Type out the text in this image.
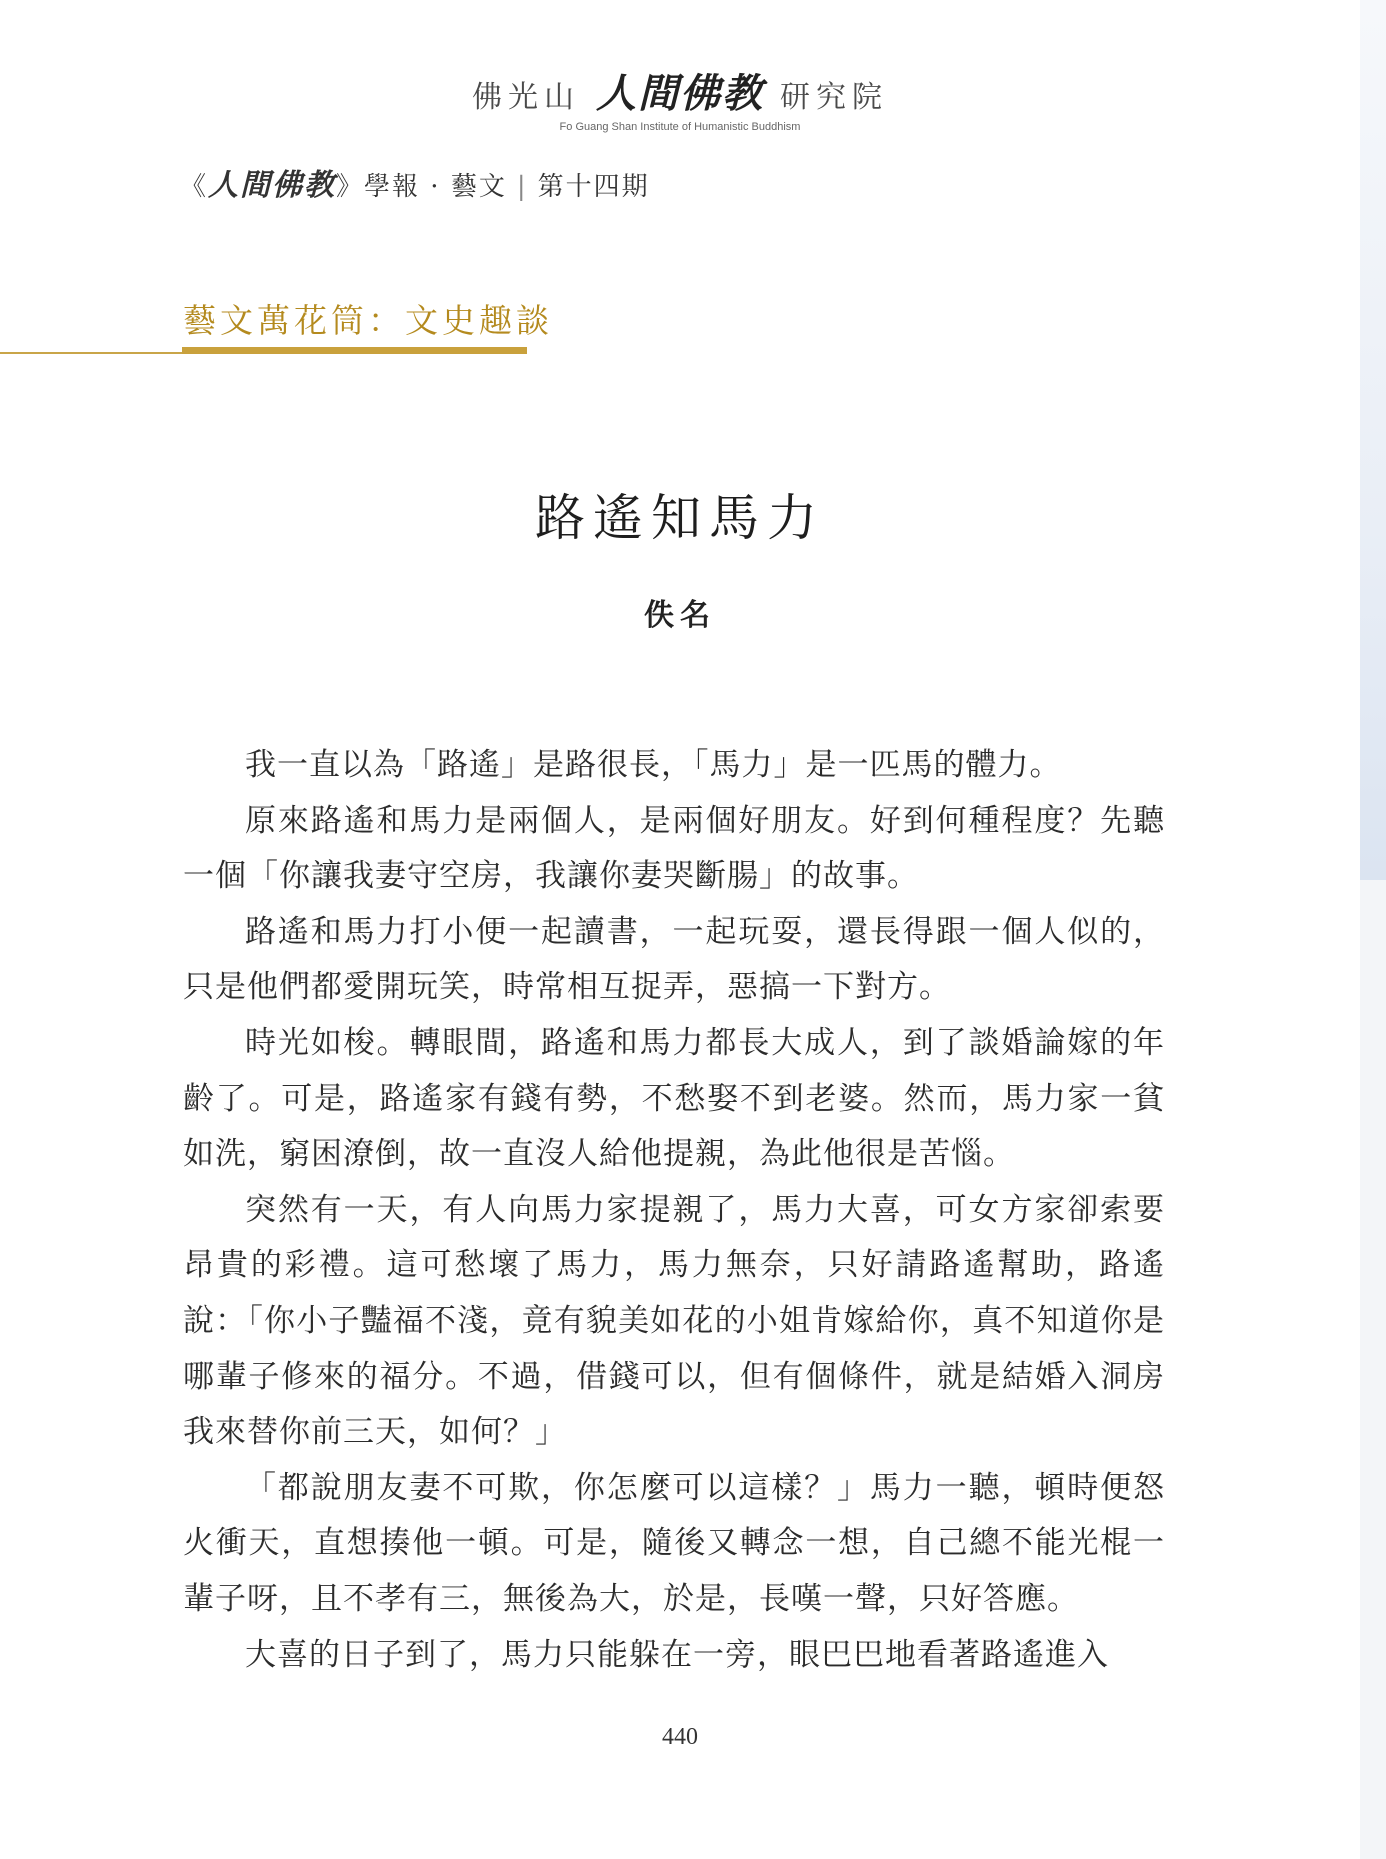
佛光山 人間佛教 研究院
Fo Guang Shan Institute of Humanistic Buddhism
《人間佛教》學報 · 藝文 | 第十四期
藝文萬花筒：文史趣談
路遙知馬力
佚名

我一直以為「路遙」是路很長，「馬力」是一匹馬的體力。

原來路遙和馬力是兩個人，是兩個好朋友。好到何種程度？先聽一個「你讓我妻守空房，我讓你妻哭斷腸」的故事。

路遙和馬力打小便一起讀書，一起玩耍，還長得跟一個人似的，只是他們都愛開玩笑，時常相互捉弄，惡搞一下對方。

時光如梭。轉眼間，路遙和馬力都長大成人，到了談婚論嫁的年齡了。可是，路遙家有錢有勢，不愁娶不到老婆。然而，馬力家一貧如洗，窮困潦倒，故一直沒人給他提親，為此他很是苦惱。

突然有一天，有人向馬力家提親了，馬力大喜，可女方家卻索要昂貴的彩禮。這可愁壞了馬力，馬力無奈，只好請路遙幫助，路遙說：「你小子豔福不淺，竟有貌美如花的小姐肯嫁給你，真不知道你是哪輩子修來的福分。不過，借錢可以，但有個條件，就是結婚入洞房我來替你前三天，如何？」

「都說朋友妻不可欺，你怎麼可以這樣？」馬力一聽，頓時便怒火衝天，直想揍他一頓。可是，隨後又轉念一想，自己總不能光棍一輩子呀，且不孝有三，無後為大，於是，長嘆一聲，只好答應。

大喜的日子到了，馬力只能躲在一旁，眼巴巴地看著路遙進入

440
